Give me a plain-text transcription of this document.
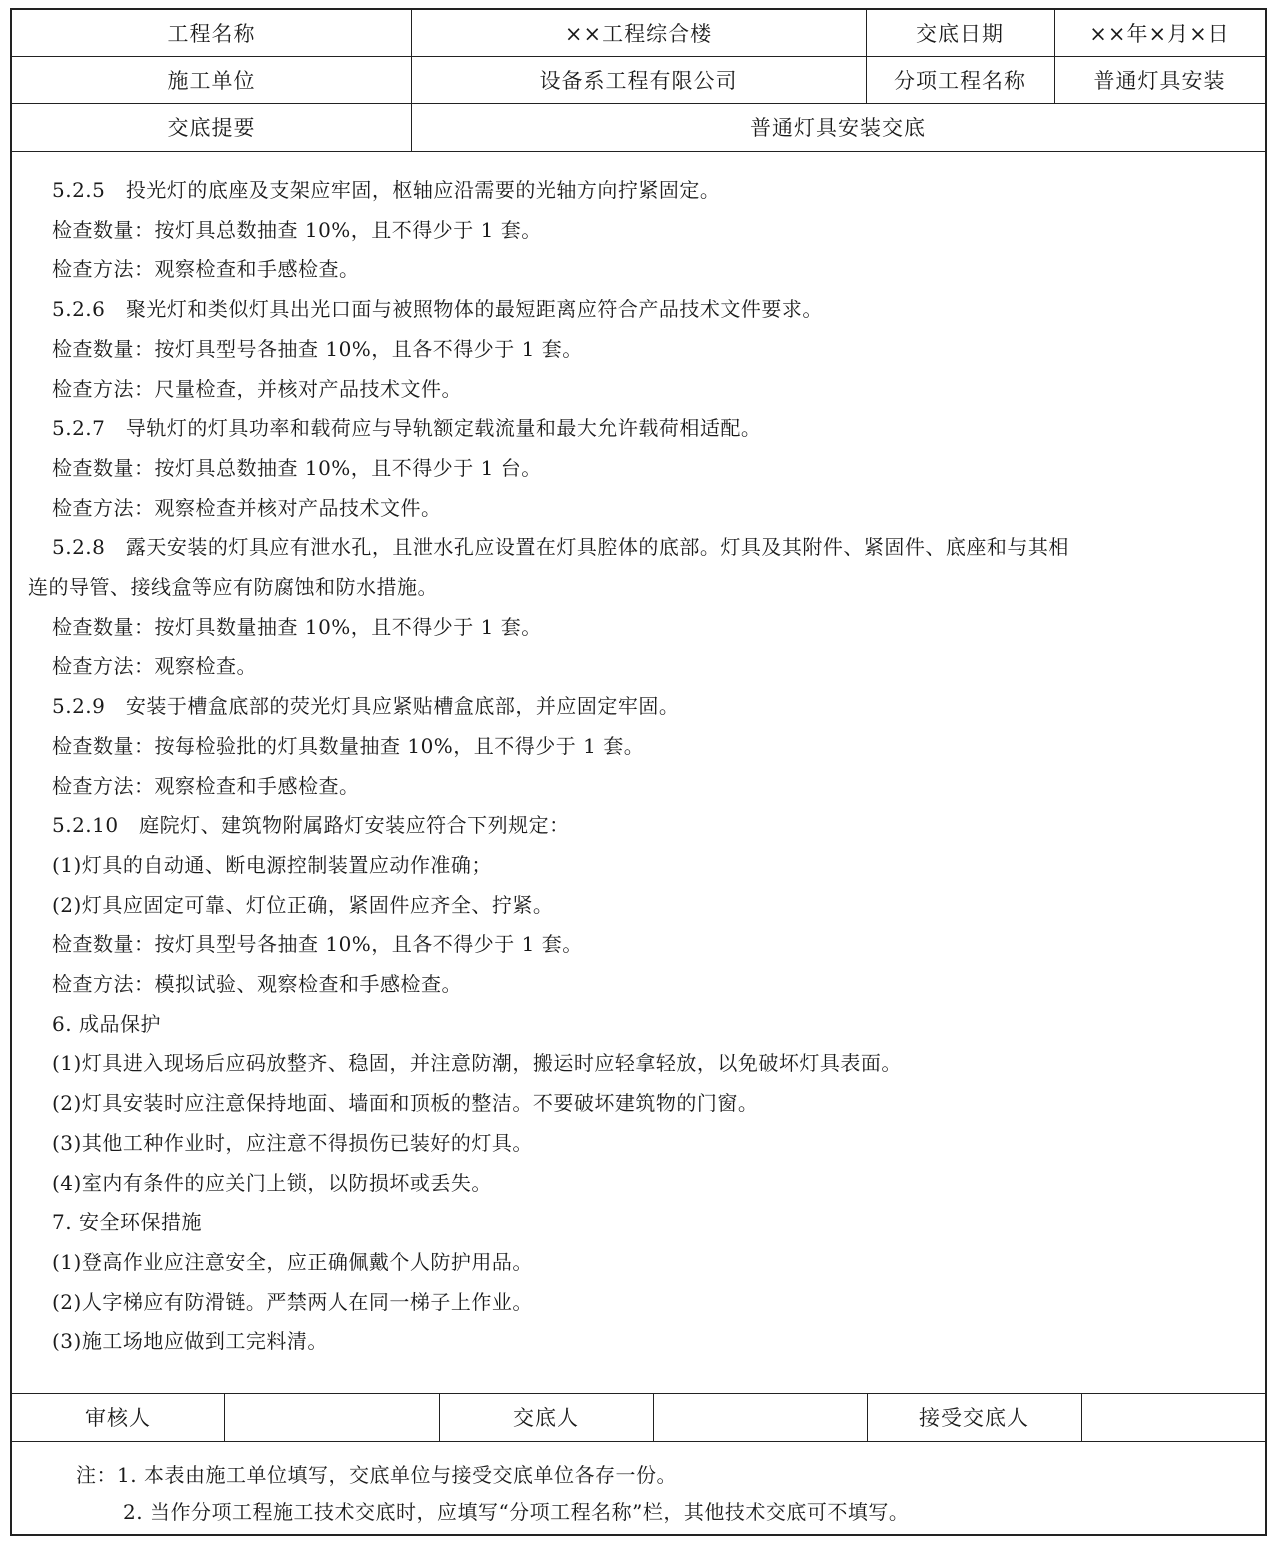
工程名称	××工程综合楼	交底日期	××年×月×日
施工单位	设备系工程有限公司	分项工程名称	普通灯具安装
交底提要	普通灯具安装交底
5.2.5　投光灯的底座及支架应牢固，枢轴应沿需要的光轴方向拧紧固定。
检查数量：按灯具总数抽查 10%，且不得少于 1 套。
检查方法：观察检查和手感检查。
5.2.6　聚光灯和类似灯具出光口面与被照物体的最短距离应符合产品技术文件要求。
检查数量：按灯具型号各抽查 10%，且各不得少于 1 套。
检查方法：尺量检查，并核对产品技术文件。
5.2.7　导轨灯的灯具功率和载荷应与导轨额定载流量和最大允许载荷相适配。
检查数量：按灯具总数抽查 10%，且不得少于 1 台。
检查方法：观察检查并核对产品技术文件。
5.2.8　露天安装的灯具应有泄水孔，且泄水孔应设置在灯具腔体的底部。灯具及其附件、紧固件、底座和与其相
连的导管、接线盒等应有防腐蚀和防水措施。
检查数量：按灯具数量抽查 10%，且不得少于 1 套。
检查方法：观察检查。
5.2.9　安装于槽盒底部的荧光灯具应紧贴槽盒底部，并应固定牢固。
检查数量：按每检验批的灯具数量抽查 10%，且不得少于 1 套。
检查方法：观察检查和手感检查。
5.2.10　庭院灯、建筑物附属路灯安装应符合下列规定：
(1)灯具的自动通、断电源控制装置应动作准确；
(2)灯具应固定可靠、灯位正确，紧固件应齐全、拧紧。
检查数量：按灯具型号各抽查 10%，且各不得少于 1 套。
检查方法：模拟试验、观察检查和手感检查。
6. 成品保护
(1)灯具进入现场后应码放整齐、稳固，并注意防潮，搬运时应轻拿轻放，以免破坏灯具表面。
(2)灯具安装时应注意保持地面、墙面和顶板的整洁。不要破坏建筑物的门窗。
(3)其他工种作业时，应注意不得损伤已装好的灯具。
(4)室内有条件的应关门上锁，以防损坏或丢失。
7. 安全环保措施
(1)登高作业应注意安全，应正确佩戴个人防护用品。
(2)人字梯应有防滑链。严禁两人在同一梯子上作业。
(3)施工场地应做到工完料清。
审核人	交底人	接受交底人
注：1. 本表由施工单位填写，交底单位与接受交底单位各存一份。
2. 当作分项工程施工技术交底时，应填写“分项工程名称”栏，其他技术交底可不填写。
